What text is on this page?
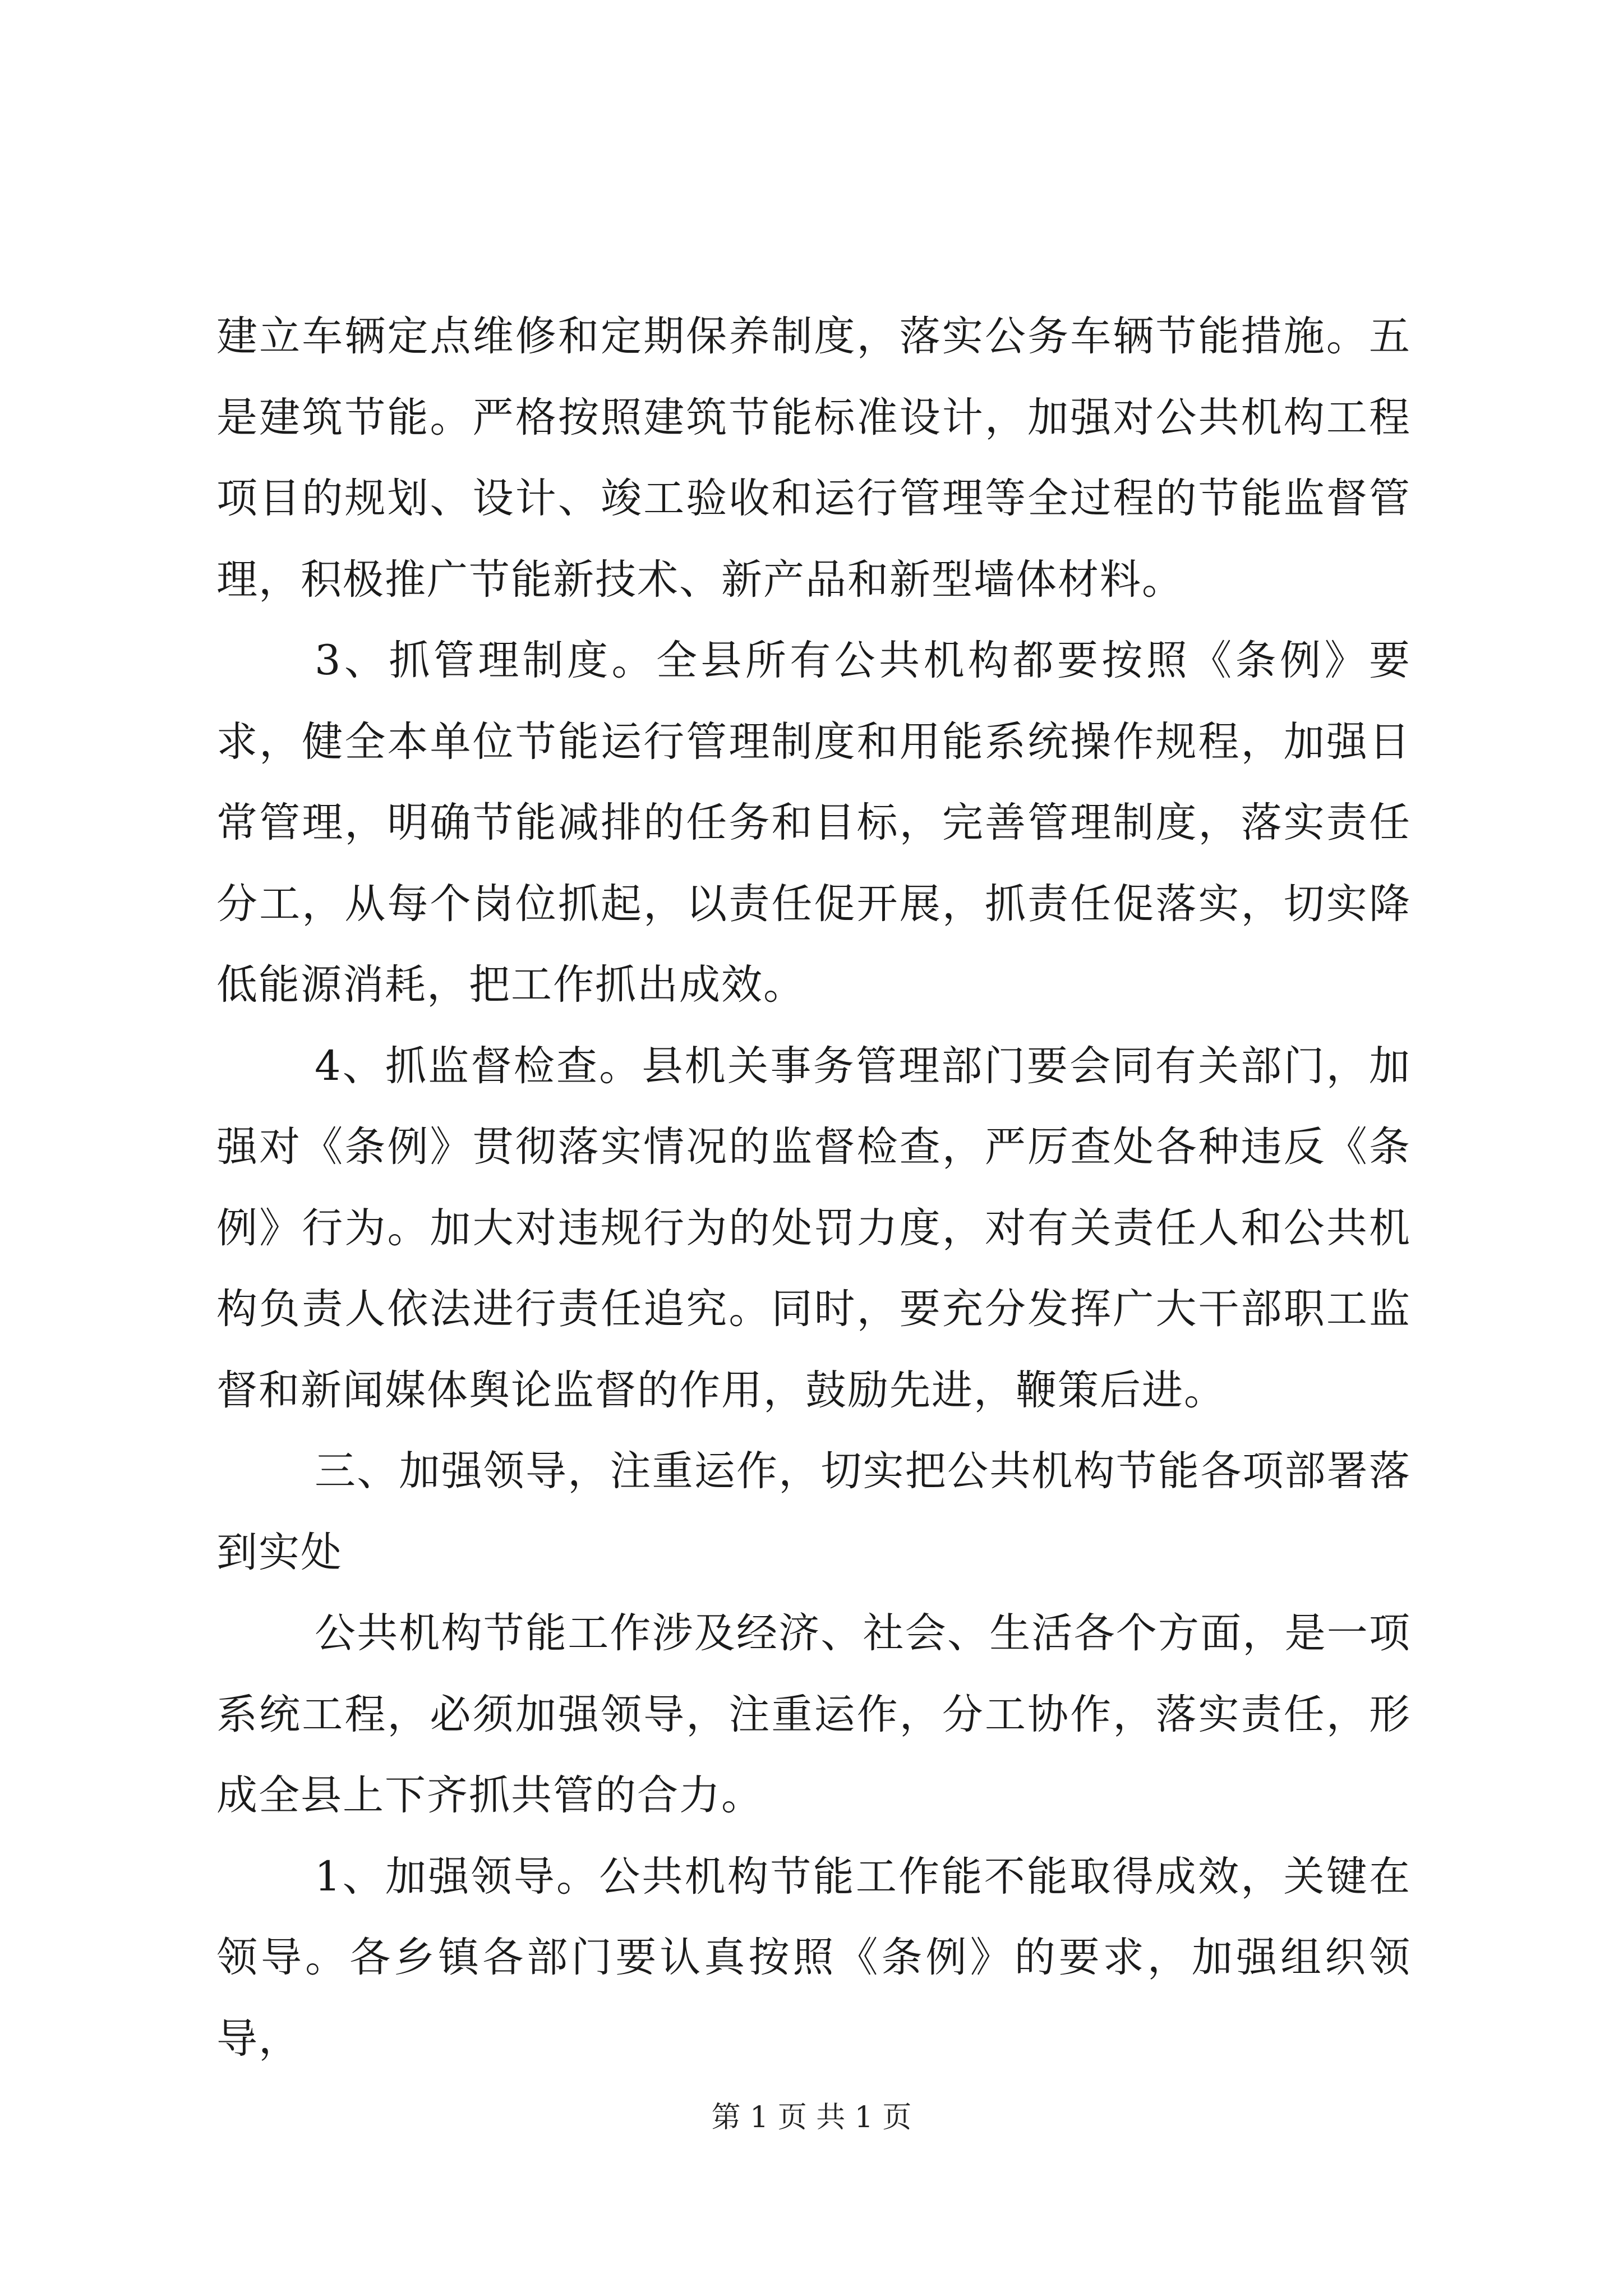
建立车辆定点维修和定期保养制度，落实公务车辆节能措施。五是建筑节能。严格按照建筑节能标准设计，加强对公共机构工程项目的规划、设计、竣工验收和运行管理等全过程的节能监督管理，积极推广节能新技术、新产品和新型墙体材料。

3、抓管理制度。全县所有公共机构都要按照《条例》要求，健全本单位节能运行管理制度和用能系统操作规程，加强日常管理，明确节能减排的任务和目标，完善管理制度，落实责任分工，从每个岗位抓起，以责任促开展，抓责任促落实，切实降低能源消耗，把工作抓出成效。

4、抓监督检查。县机关事务管理部门要会同有关部门，加强对《条例》贯彻落实情况的监督检查，严厉查处各种违反《条例》行为。加大对违规行为的处罚力度，对有关责任人和公共机构负责人依法进行责任追究。同时，要充分发挥广大干部职工监督和新闻媒体舆论监督的作用，鼓励先进，鞭策后进。

三、加强领导，注重运作，切实把公共机构节能各项部署落到实处

公共机构节能工作涉及经济、社会、生活各个方面，是一项系统工程，必须加强领导，注重运作，分工协作，落实责任，形成全县上下齐抓共管的合力。

1、加强领导。公共机构节能工作能不能取得成效，关键在领导。各乡镇各部门要认真按照《条例》的要求，加强组织领导，

第 1 页 共 1 页
